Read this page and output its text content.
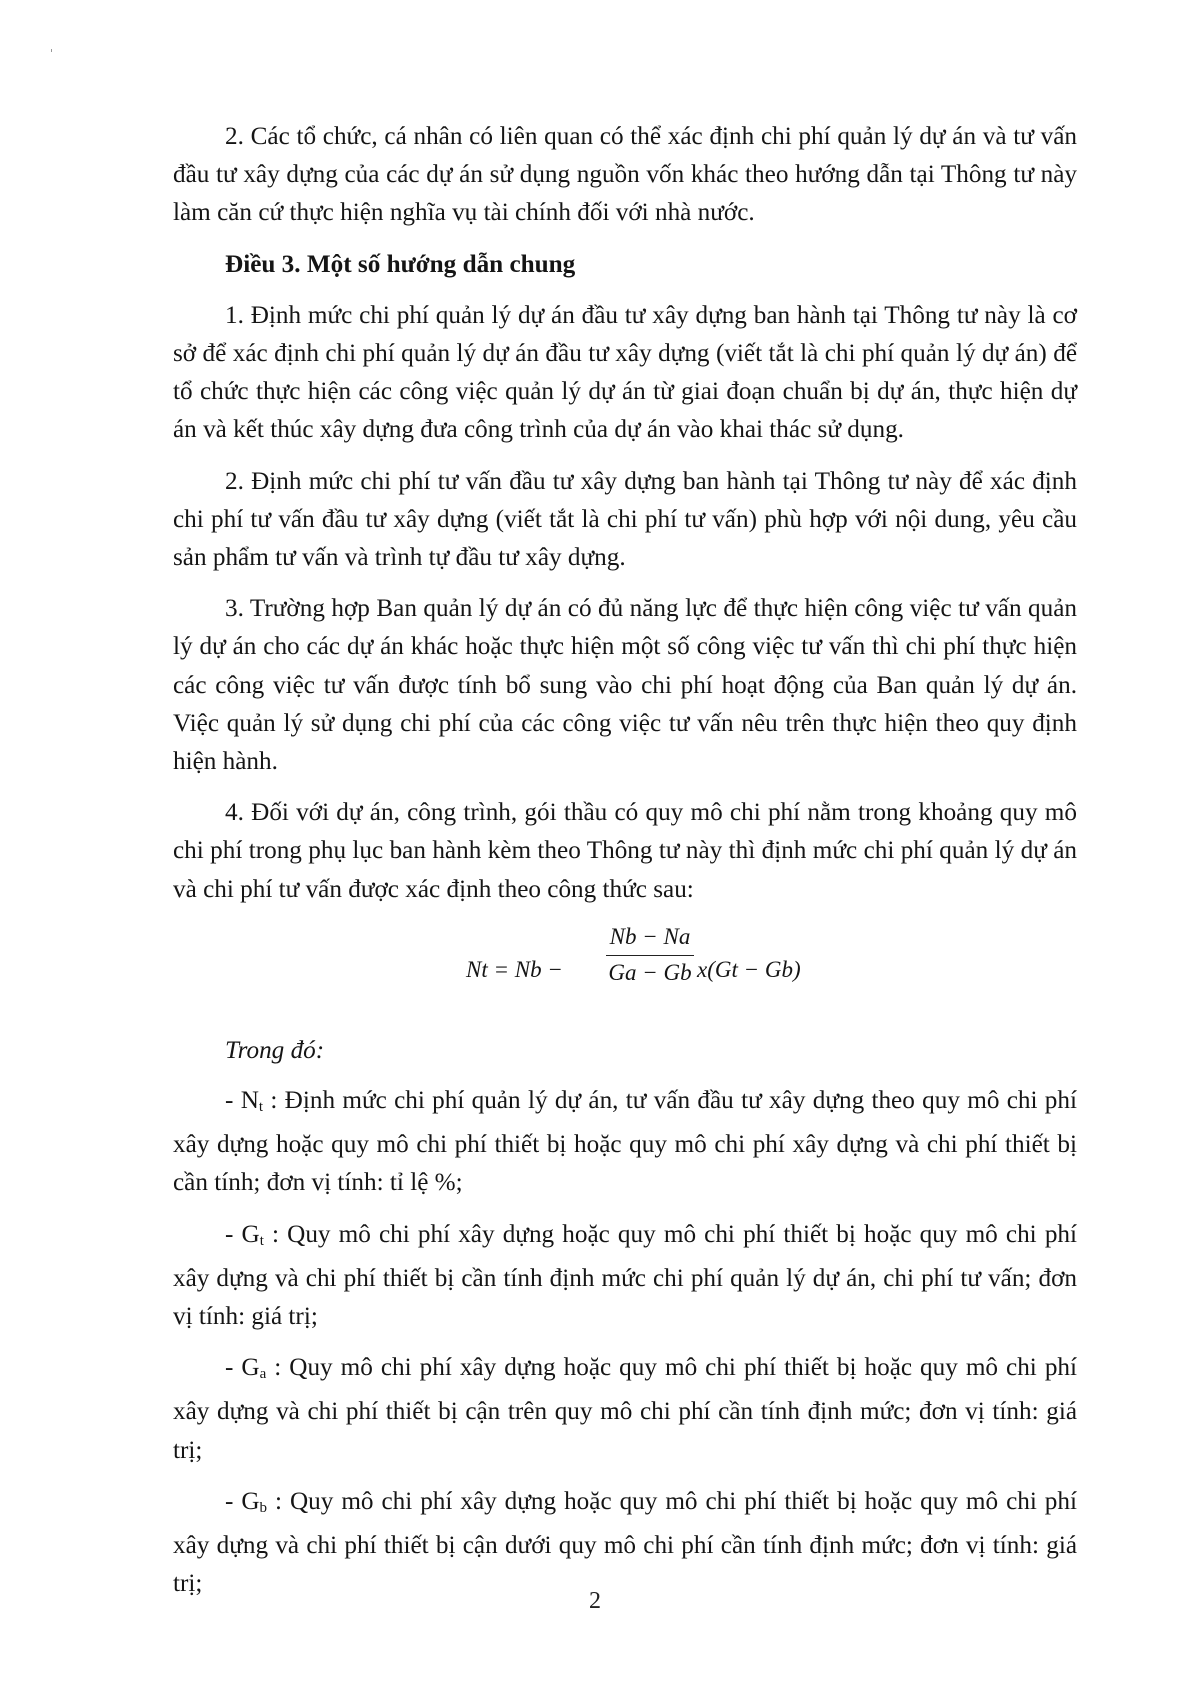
2. Các tổ chức, cá nhân có liên quan có thể xác định chi phí quản lý dự án và tư vấn đầu tư xây dựng của các dự án sử dụng nguồn vốn khác theo hướng dẫn tại Thông tư này làm căn cứ thực hiện nghĩa vụ tài chính đối với nhà nước.

Điều 3. Một số hướng dẫn chung

1. Định mức chi phí quản lý dự án đầu tư xây dựng ban hành tại Thông tư này là cơ sở để xác định chi phí quản lý dự án đầu tư xây dựng (viết tắt là chi phí quản lý dự án) để tổ chức thực hiện các công việc quản lý dự án từ giai đoạn chuẩn bị dự án, thực hiện dự án và kết thúc xây dựng đưa công trình của dự án vào khai thác sử dụng.

2. Định mức chi phí tư vấn đầu tư xây dựng ban hành tại Thông tư này để xác định chi phí tư vấn đầu tư xây dựng (viết tắt là chi phí tư vấn) phù hợp với nội dung, yêu cầu sản phẩm tư vấn và trình tự đầu tư xây dựng.

3. Trường hợp Ban quản lý dự án có đủ năng lực để thực hiện công việc tư vấn quản lý dự án cho các dự án khác hoặc thực hiện một số công việc tư vấn thì chi phí thực hiện các công việc tư vấn được tính bổ sung vào chi phí hoạt động của Ban quản lý dự án. Việc quản lý sử dụng chi phí của các công việc tư vấn nêu trên thực hiện theo quy định hiện hành.

4. Đối với dự án, công trình, gói thầu có quy mô chi phí nằm trong khoảng quy mô chi phí trong phụ lục ban hành kèm theo Thông tư này thì định mức chi phí quản lý dự án và chi phí tư vấn được xác định theo công thức sau:

$Nt = Nb - \frac{Nb - Na}{Ga - Gb} x(Gt - Gb)$

Trong đó:

- $N_t$ : Định mức chi phí quản lý dự án, tư vấn đầu tư xây dựng theo quy mô chi phí xây dựng hoặc quy mô chi phí thiết bị hoặc quy mô chi phí xây dựng và chi phí thiết bị cần tính; đơn vị tính: tỉ lệ %;

- $G_t$ : Quy mô chi phí xây dựng hoặc quy mô chi phí thiết bị hoặc quy mô chi phí xây dựng và chi phí thiết bị cần tính định mức chi phí quản lý dự án, chi phí tư vấn; đơn vị tính: giá trị;

- $G_a$ : Quy mô chi phí xây dựng hoặc quy mô chi phí thiết bị hoặc quy mô chi phí xây dựng và chi phí thiết bị cận trên quy mô chi phí cần tính định mức; đơn vị tính: giá trị;

- $G_b$ : Quy mô chi phí xây dựng hoặc quy mô chi phí thiết bị hoặc quy mô chi phí xây dựng và chi phí thiết bị cận dưới quy mô chi phí cần tính định mức; đơn vị tính: giá trị;

2
